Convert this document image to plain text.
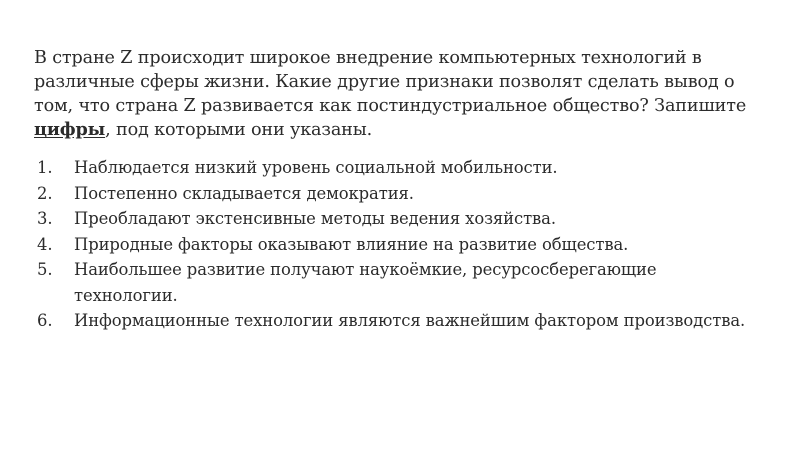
В стране Z происходит широкое внедрение компьютерных технологий в различные сферы жизни. Какие другие признаки позволят сделать вывод о том, что страна Z развивается как постиндустриальное общество? Запишите цифры, под которыми они указаны.

1.	Наблюдается низкий уровень социальной мобильности.
2.	Постепенно складывается демократия.
3.	Преобладают экстенсивные методы ведения хозяйства.
4.	Природные факторы оказывают влияние на развитие общества.
5.	Наибольшее развитие получают наукоёмкие, ресурсосберегающие технологии.
6.	Информационные технологии являются важнейшим фактором производства.
